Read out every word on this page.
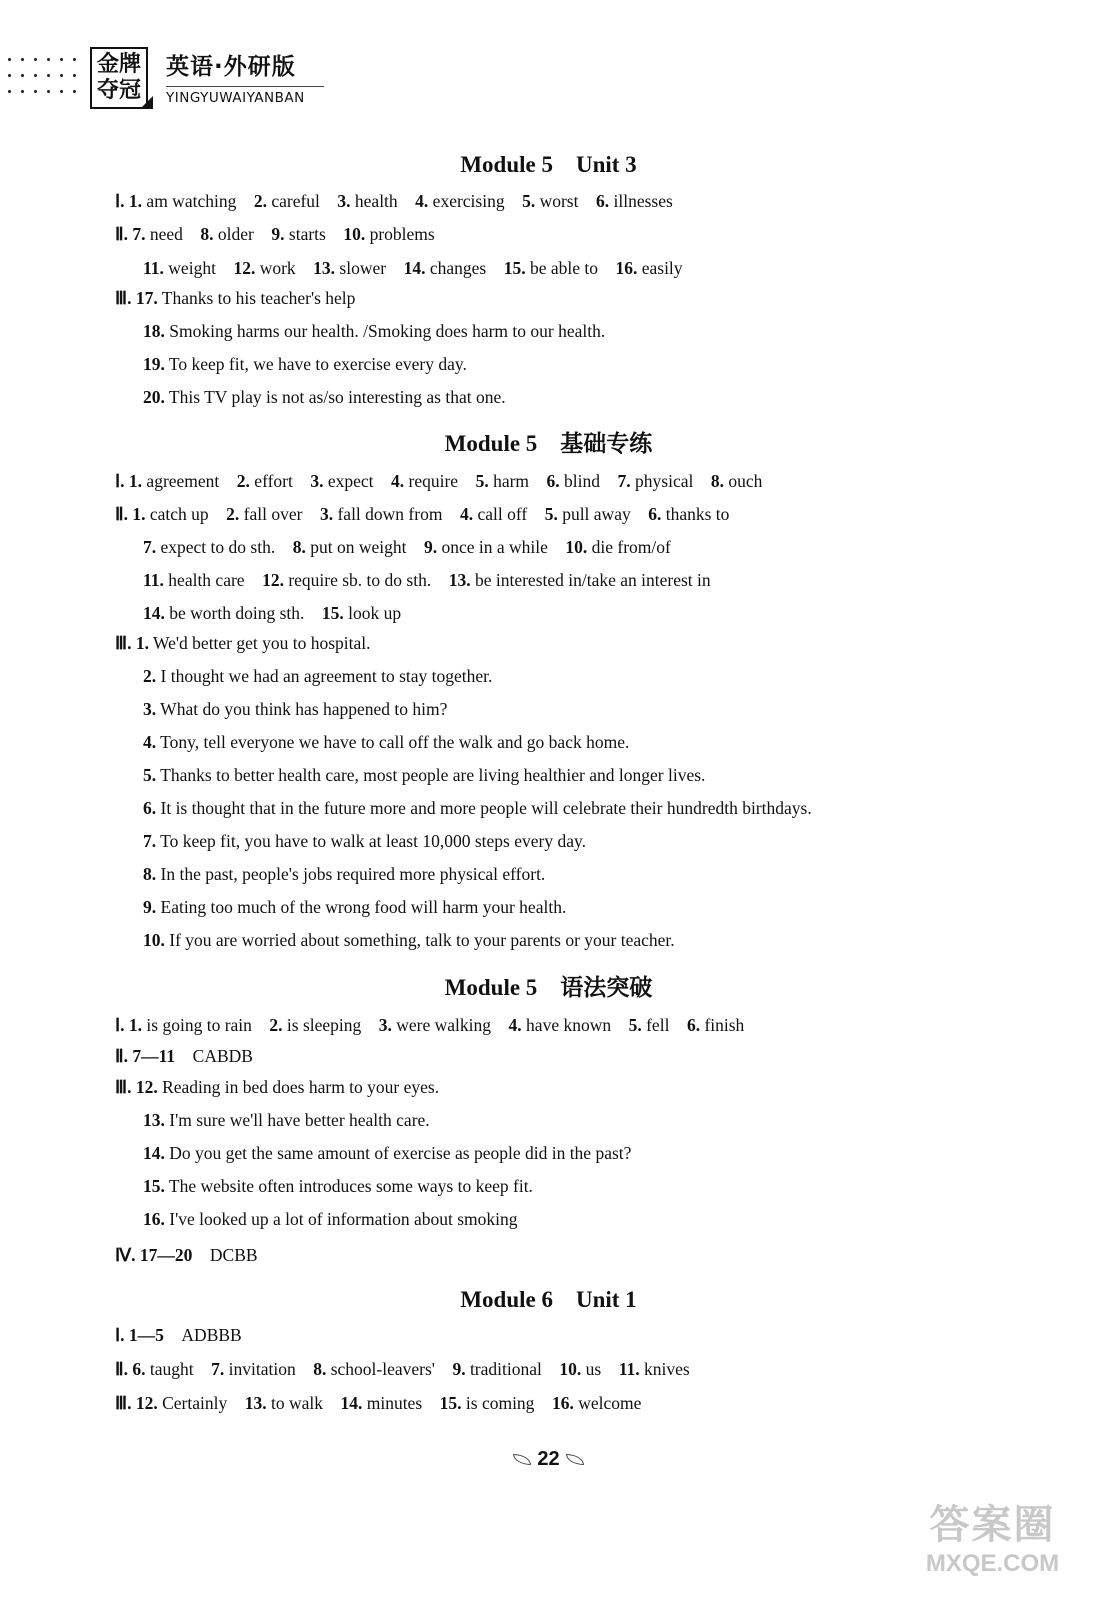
金牌
夺冠
英语·外研版
YINGYUWAIYANBAN
Module 5　Unit 3
Ⅰ. 1. am watching　2. careful　3. health　4. exercising　5. worst　6. illnesses
Ⅱ. 7. need　8. older　9. starts　10. problems
11. weight　12. work　13. slower　14. changes　15. be able to　16. easily
Ⅲ. 17. Thanks to his teacher's help
18. Smoking harms our health. /Smoking does harm to our health.
19. To keep fit, we have to exercise every day.
20. This TV play is not as/so interesting as that one.
Module 5　基础专练
Ⅰ. 1. agreement　2. effort　3. expect　4. require　5. harm　6. blind　7. physical　8. ouch
Ⅱ. 1. catch up　2. fall over　3. fall down from　4. call off　5. pull away　6. thanks to
7. expect to do sth.　8. put on weight　9. once in a while　10. die from/of
11. health care　12. require sb. to do sth.　13. be interested in/take an interest in
14. be worth doing sth.　15. look up
Ⅲ. 1. We'd better get you to hospital.
2. I thought we had an agreement to stay together.
3. What do you think has happened to him?
4. Tony, tell everyone we have to call off the walk and go back home.
5. Thanks to better health care, most people are living healthier and longer lives.
6. It is thought that in the future more and more people will celebrate their hundredth birthdays.
7. To keep fit, you have to walk at least 10,000 steps every day.
8. In the past, people's jobs required more physical effort.
9. Eating too much of the wrong food will harm your health.
10. If you are worried about something, talk to your parents or your teacher.
Module 5　语法突破
Ⅰ. 1. is going to rain　2. is sleeping　3. were walking　4. have known　5. fell　6. finish
Ⅱ. 7—11　CABDB
Ⅲ. 12. Reading in bed does harm to your eyes.
13. I'm sure we'll have better health care.
14. Do you get the same amount of exercise as people did in the past?
15. The website often introduces some ways to keep fit.
16. I've looked up a lot of information about smoking
Ⅳ. 17—20　DCBB
Module 6　Unit 1
Ⅰ. 1—5　ADBBB
Ⅱ. 6. taught　7. invitation　8. school-leavers'　9. traditional　10. us　11. knives
Ⅲ. 12. Certainly　13. to walk　14. minutes　15. is coming　16. welcome
22
答案圈
MXQE.COM
